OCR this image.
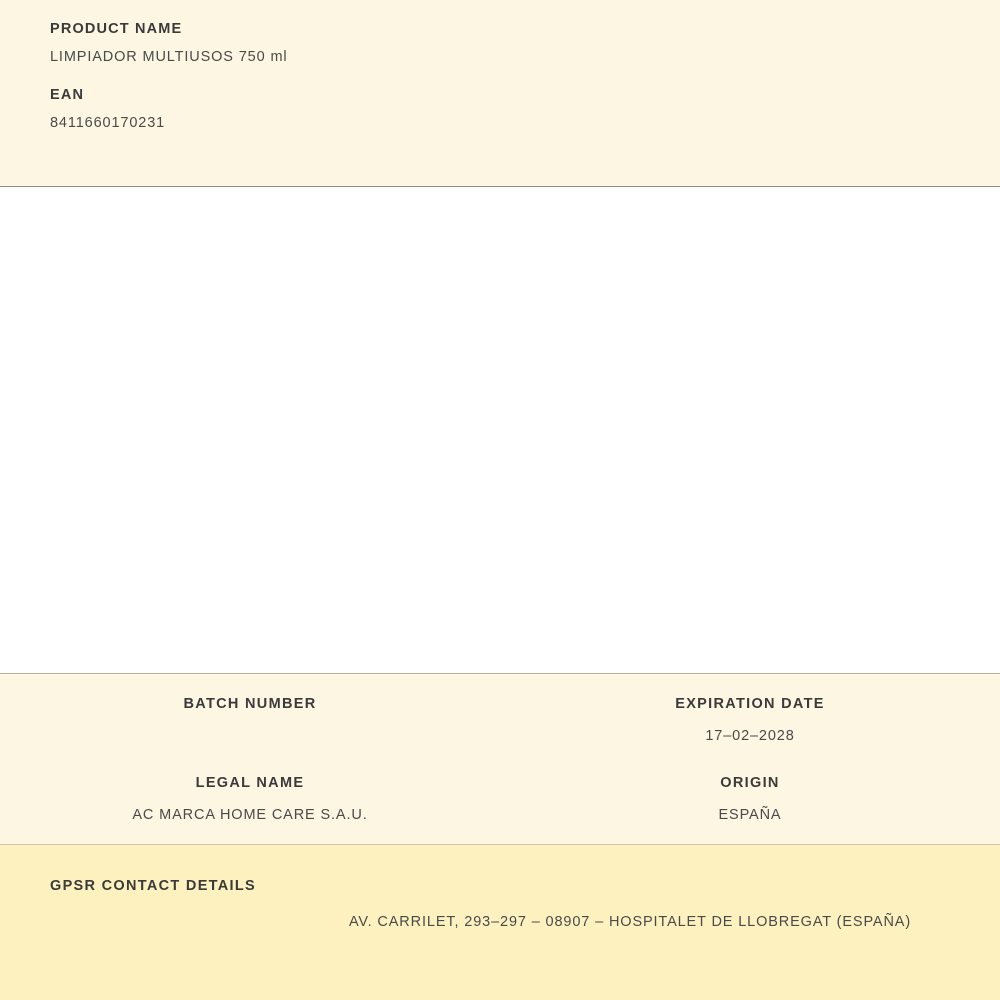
PRODUCT NAME

LIMPIADOR MULTIUSOS 750 ml

EAN

8411660170231

BATCH NUMBER	EXPIRATION DATE

17–02–2028

LEGAL NAME

AC MARCA HOME CARE S.A.U.

ORIGIN

ESPAÑA

GPSR CONTACT DETAILS

AV. CARRILET, 293–297 – 08907 – HOSPITALET DE LLOBREGAT (ESPAÑA)
